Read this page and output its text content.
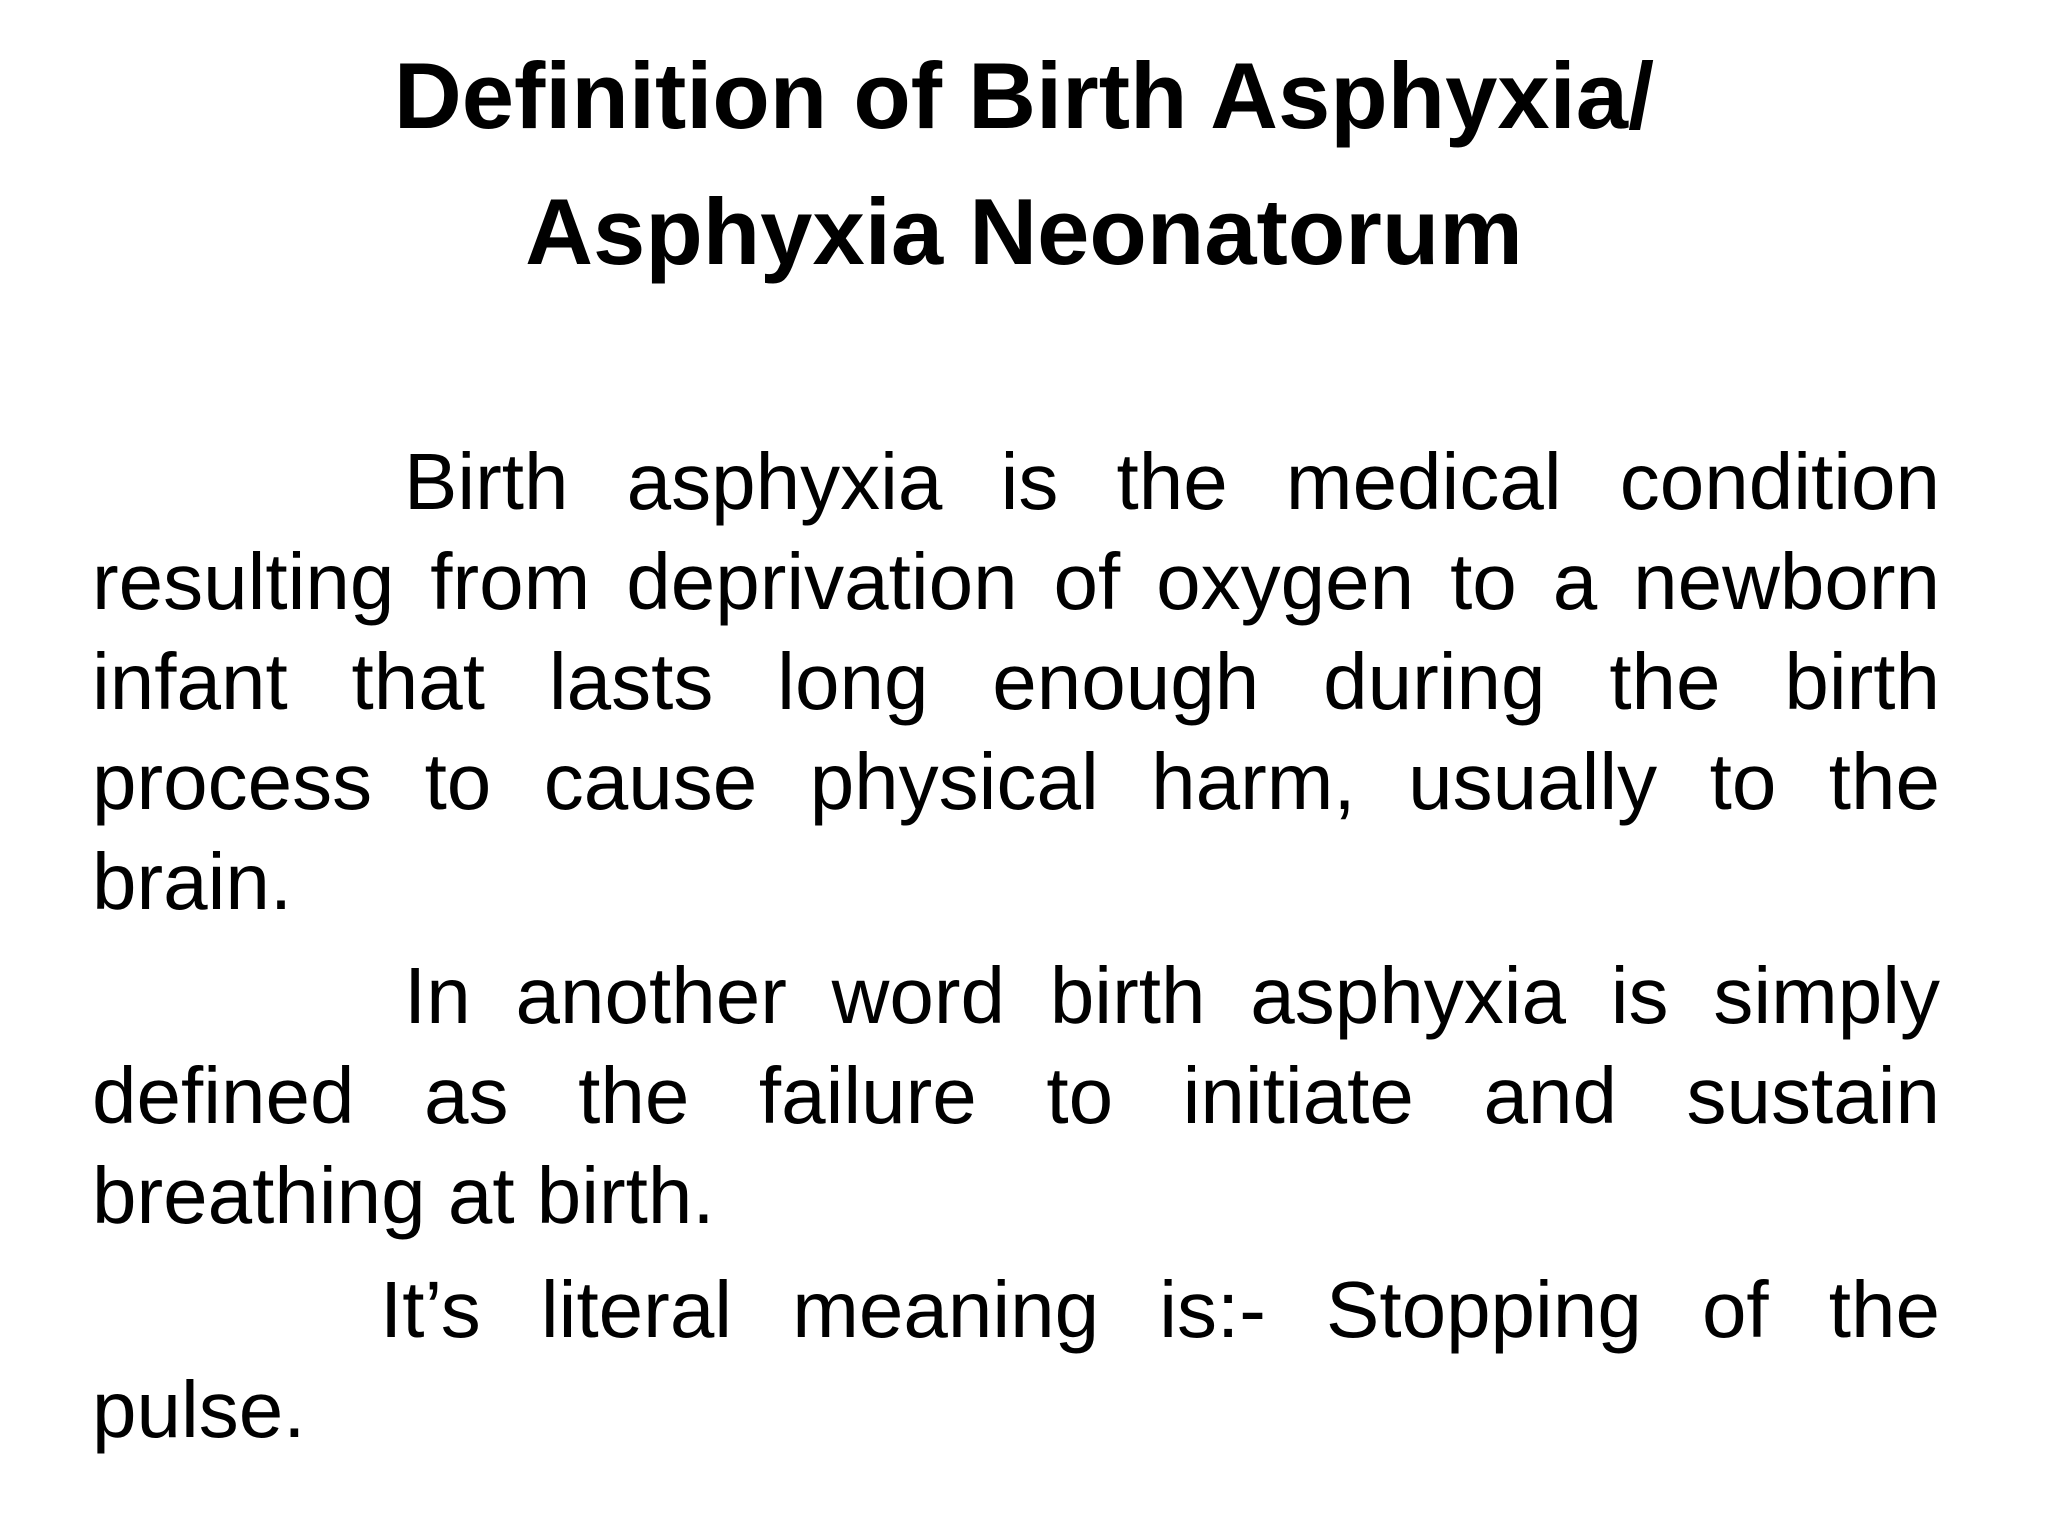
Definition of Birth Asphyxia/
Asphyxia Neonatorum

Birth asphyxia is the medical condition resulting from deprivation of oxygen to a newborn infant that lasts long enough during the birth process to cause physical harm, usually to the brain.

In another word birth asphyxia is simply defined as the failure to initiate and sustain breathing at birth.

It’s literal meaning is:- Stopping of the pulse.
